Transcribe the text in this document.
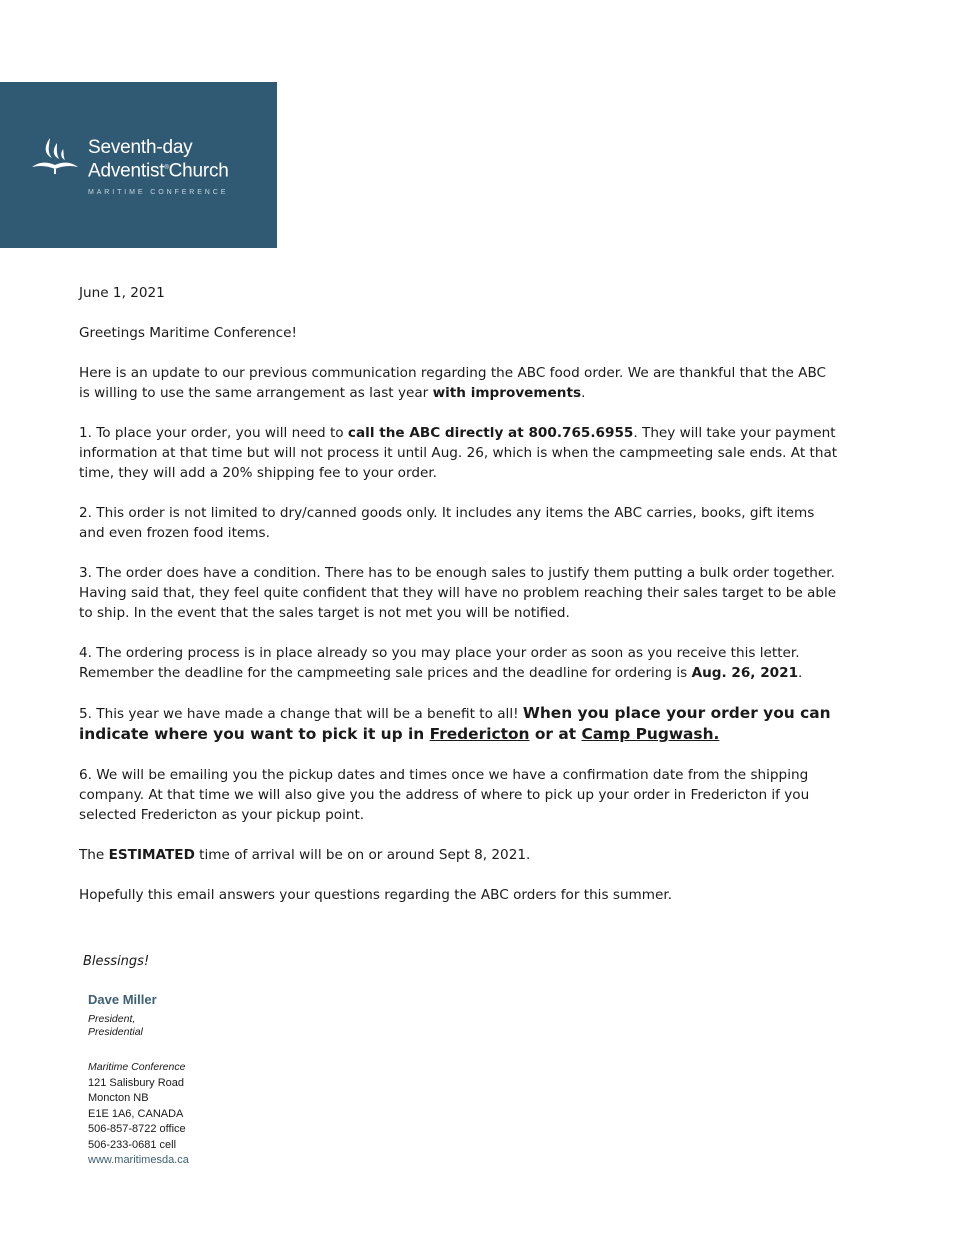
Seventh-day
Adventist®Church
MARITIME CONFERENCE

June 1, 2021

Greetings Maritime Conference!

Here is an update to our previous communication regarding the ABC food order. We are thankful that the ABC is willing to use the same arrangement as last year with improvements.

1. To place your order, you will need to call the ABC directly at 800.765.6955. They will take your payment information at that time but will not process it until Aug. 26, which is when the campmeeting sale ends. At that time, they will add a 20% shipping fee to your order.

2. This order is not limited to dry/canned goods only. It includes any items the ABC carries, books, gift items and even frozen food items.

3. The order does have a condition. There has to be enough sales to justify them putting a bulk order together. Having said that, they feel quite confident that they will have no problem reaching their sales target to be able to ship. In the event that the sales target is not met you will be notified.

4. The ordering process is in place already so you may place your order as soon as you receive this letter. Remember the deadline for the campmeeting sale prices and the deadline for ordering is Aug. 26, 2021.

5. This year we have made a change that will be a benefit to all! When you place your order you can indicate where you want to pick it up in Fredericton or at Camp Pugwash.

6. We will be emailing you the pickup dates and times once we have a confirmation date from the shipping company. At that time we will also give you the address of where to pick up your order in Fredericton if you selected Fredericton as your pickup point.

The ESTIMATED time of arrival will be on or around Sept 8, 2021.

Hopefully this email answers your questions regarding the ABC orders for this summer.

Blessings!
Dave Miller
President,
Presidential
Maritime Conference
121 Salisbury Road
Moncton NB
E1E 1A6, CANADA
506-857-8722 office
506-233-0681 cell
www.maritimesda.ca
